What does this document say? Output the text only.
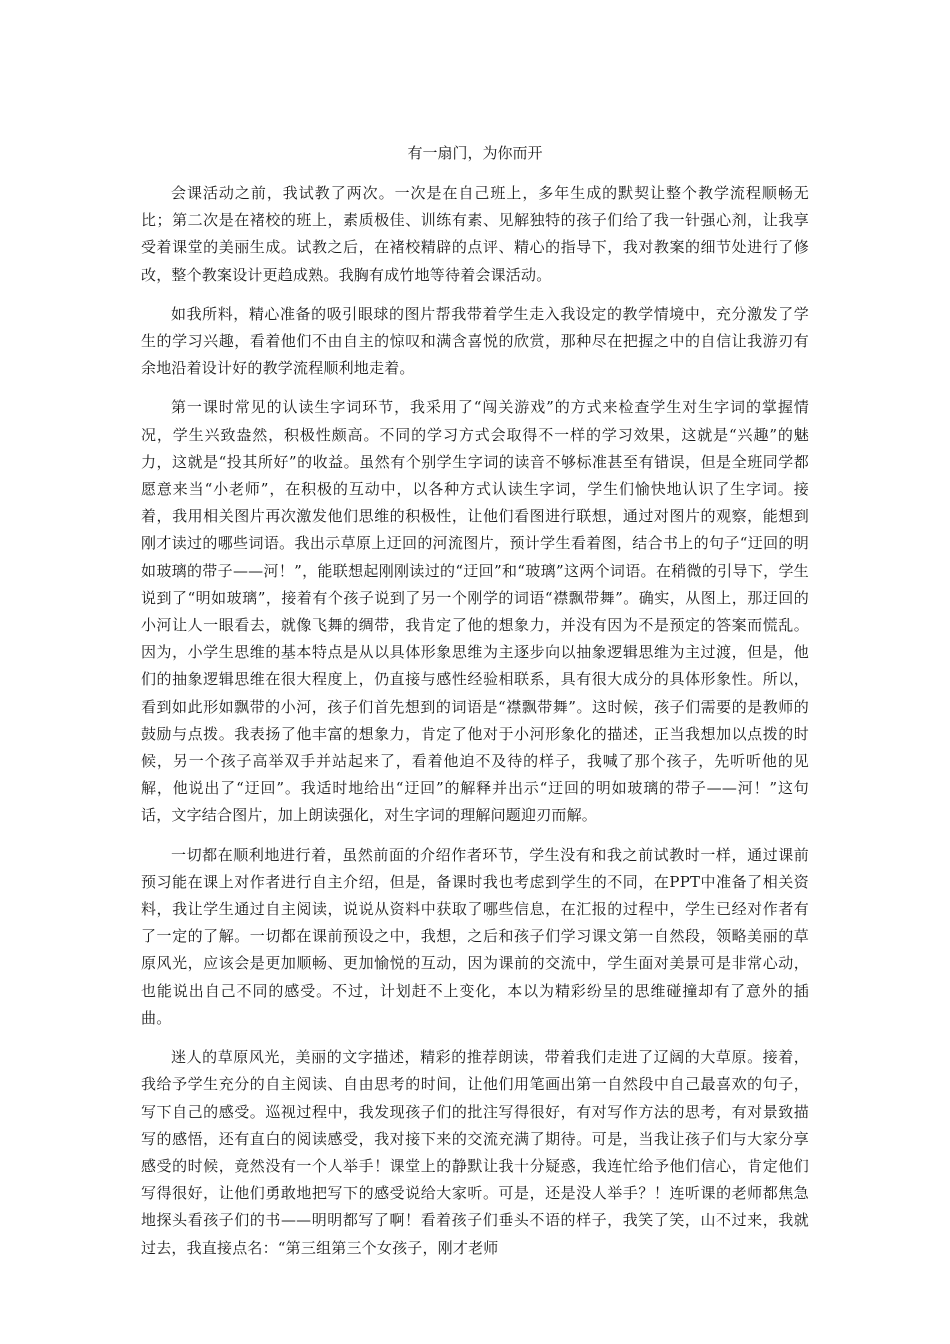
有一扇门，为你而开

会课活动之前，我试教了两次。一次是在自己班上，多年生成的默契让整个教学流程顺畅无比；第二次是在褚校的班上，素质极佳、训练有素、见解独特的孩子们给了我一针强心剂，让我享受着课堂的美丽生成。试教之后，在褚校精辟的点评、精心的指导下，我对教案的细节处进行了修改，整个教案设计更趋成熟。我胸有成竹地等待着会课活动。

如我所料，精心准备的吸引眼球的图片帮我带着学生走入我设定的教学情境中，充分激发了学生的学习兴趣，看着他们不由自主的惊叹和满含喜悦的欣赏，那种尽在把握之中的自信让我游刃有余地沿着设计好的教学流程顺利地走着。

第一课时常见的认读生字词环节，我采用了“闯关游戏”的方式来检查学生对生字词的掌握情况，学生兴致盎然，积极性颇高。不同的学习方式会取得不一样的学习效果，这就是“兴趣”的魅力，这就是“投其所好”的收益。虽然有个别学生字词的读音不够标准甚至有错误，但是全班同学都愿意来当“小老师”，在积极的互动中，以各种方式认读生字词，学生们愉快地认识了生字词。接着，我用相关图片再次激发他们思维的积极性，让他们看图进行联想，通过对图片的观察，能想到刚才读过的哪些词语。我出示草原上迂回的河流图片，预计学生看着图，结合书上的句子“迂回的明如玻璃的带子——河！”，能联想起刚刚读过的“迂回”和“玻璃”这两个词语。在稍微的引导下，学生说到了“明如玻璃”，接着有个孩子说到了另一个刚学的词语“襟飘带舞”。确实，从图上，那迂回的小河让人一眼看去，就像飞舞的绸带，我肯定了他的想象力，并没有因为不是预定的答案而慌乱。因为，小学生思维的基本特点是从以具体形象思维为主逐步向以抽象逻辑思维为主过渡，但是，他们的抽象逻辑思维在很大程度上，仍直接与感性经验相联系，具有很大成分的具体形象性。所以，看到如此形如飘带的小河，孩子们首先想到的词语是“襟飘带舞”。这时候，孩子们需要的是教师的鼓励与点拨。我表扬了他丰富的想象力，肯定了他对于小河形象化的描述，正当我想加以点拨的时候，另一个孩子高举双手并站起来了，看着他迫不及待的样子，我喊了那个孩子，先听听他的见解，他说出了“迂回”。我适时地给出“迂回”的解释并出示“迂回的明如玻璃的带子——河！”这句话，文字结合图片，加上朗读强化，对生字词的理解问题迎刃而解。

一切都在顺利地进行着，虽然前面的介绍作者环节，学生没有和我之前试教时一样，通过课前预习能在课上对作者进行自主介绍，但是，备课时我也考虑到学生的不同，在PPT中准备了相关资料，我让学生通过自主阅读，说说从资料中获取了哪些信息，在汇报的过程中，学生已经对作者有了一定的了解。一切都在课前预设之中，我想，之后和孩子们学习课文第一自然段，领略美丽的草原风光，应该会是更加顺畅、更加愉悦的互动，因为课前的交流中，学生面对美景可是非常心动，也能说出自己不同的感受。不过，计划赶不上变化，本以为精彩纷呈的思维碰撞却有了意外的插曲。

迷人的草原风光，美丽的文字描述，精彩的推荐朗读，带着我们走进了辽阔的大草原。接着，我给予学生充分的自主阅读、自由思考的时间，让他们用笔画出第一自然段中自己最喜欢的句子，写下自己的感受。巡视过程中，我发现孩子们的批注写得很好，有对写作方法的思考，有对景致描写的感悟，还有直白的阅读感受，我对接下来的交流充满了期待。可是，当我让孩子们与大家分享感受的时候，竟然没有一个人举手！课堂上的静默让我十分疑惑，我连忙给予他们信心，肯定他们写得很好，让他们勇敢地把写下的感受说给大家听。可是，还是没人举手？！连听课的老师都焦急地探头看孩子们的书——明明都写了啊！看着孩子们垂头不语的样子，我笑了笑，山不过来，我就过去，我直接点名：“第三组第三个女孩子，刚才老师
